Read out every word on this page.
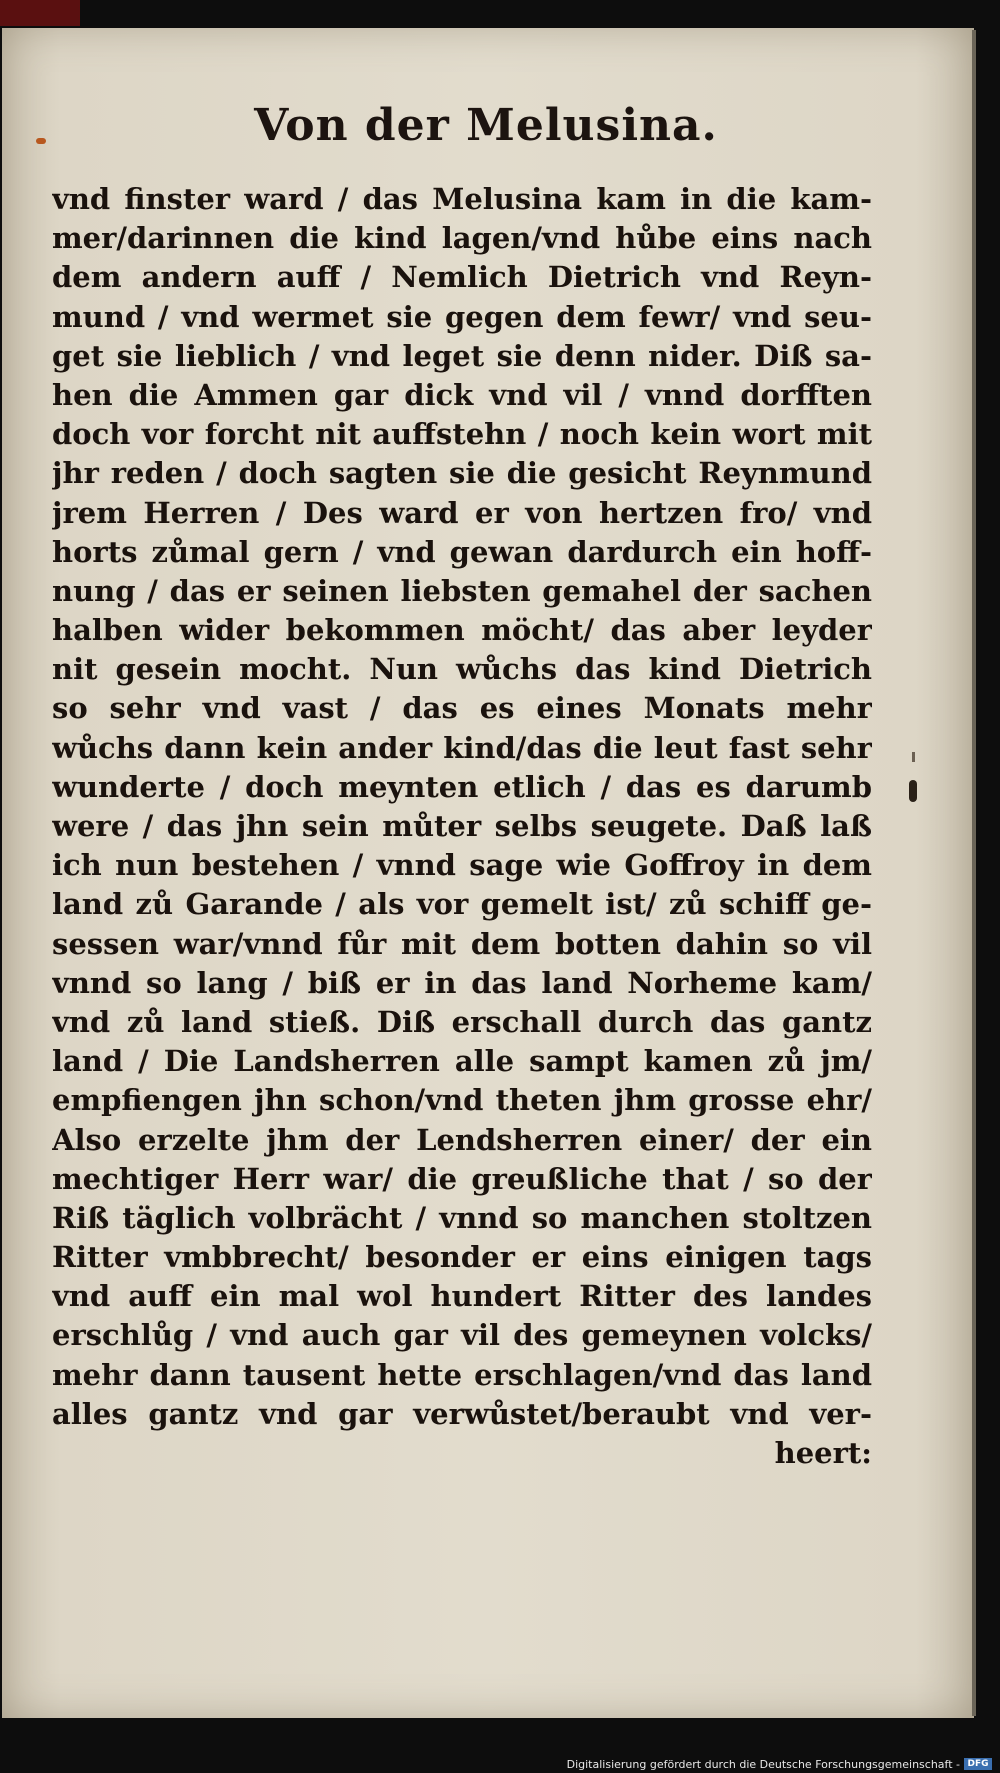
Von der Melusina.
vnd finster ward / das Melusina kam in die kam-
mer/darinnen die kind lagen/vnd hůbe eins nach
dem andern auff / Nemlich Dietrich vnd Reyn-
mund / vnd wermet sie gegen dem fewr/ vnd seu-
get sie lieblich / vnd leget sie denn nider. Diß sa-
hen die Ammen gar dick vnd vil / vnnd dorfften
doch vor forcht nit auffstehn / noch kein wort mit
jhr reden / doch sagten sie die gesicht Reynmund
jrem Herren / Des ward er von hertzen fro/ vnd
horts zůmal gern / vnd gewan dardurch ein hoff-
nung / das er seinen liebsten gemahel der sachen
halben wider bekommen möcht/ das aber leyder
nit gesein mocht. Nun wůchs das kind Dietrich
so sehr vnd vast / das es eines Monats mehr
wůchs dann kein ander kind/das die leut fast sehr
wunderte / doch meynten etlich / das es darumb
were / das jhn sein můter selbs seugete. Daß laß
ich nun bestehen / vnnd sage wie Goffroy in dem
land zů Garande / als vor gemelt ist/ zů schiff ge-
sessen war/vnnd fůr mit dem botten dahin so vil
vnnd so lang / biß er in das land Norheme kam/
vnd zů land stieß. Diß erschall durch das gantz
land / Die Landsherren alle sampt kamen zů jm/
empfiengen jhn schon/vnd theten jhm grosse ehr/
Also erzelte jhm der Lendsherren einer/ der ein
mechtiger Herr war/ die greußliche that / so der
Riß täglich volbrächt / vnnd so manchen stoltzen
Ritter vmbbrecht/ besonder er eins einigen tags
vnd auff ein mal wol hundert Ritter des landes
erschlůg / vnd auch gar vil des gemeynen volcks/
mehr dann tausent hette erschlagen/vnd das land
alles gantz vnd gar verwůstet/beraubt vnd ver-
heert:
Digitalisierung gefördert durch die Deutsche Forschungsgemeinschaft - DFG
